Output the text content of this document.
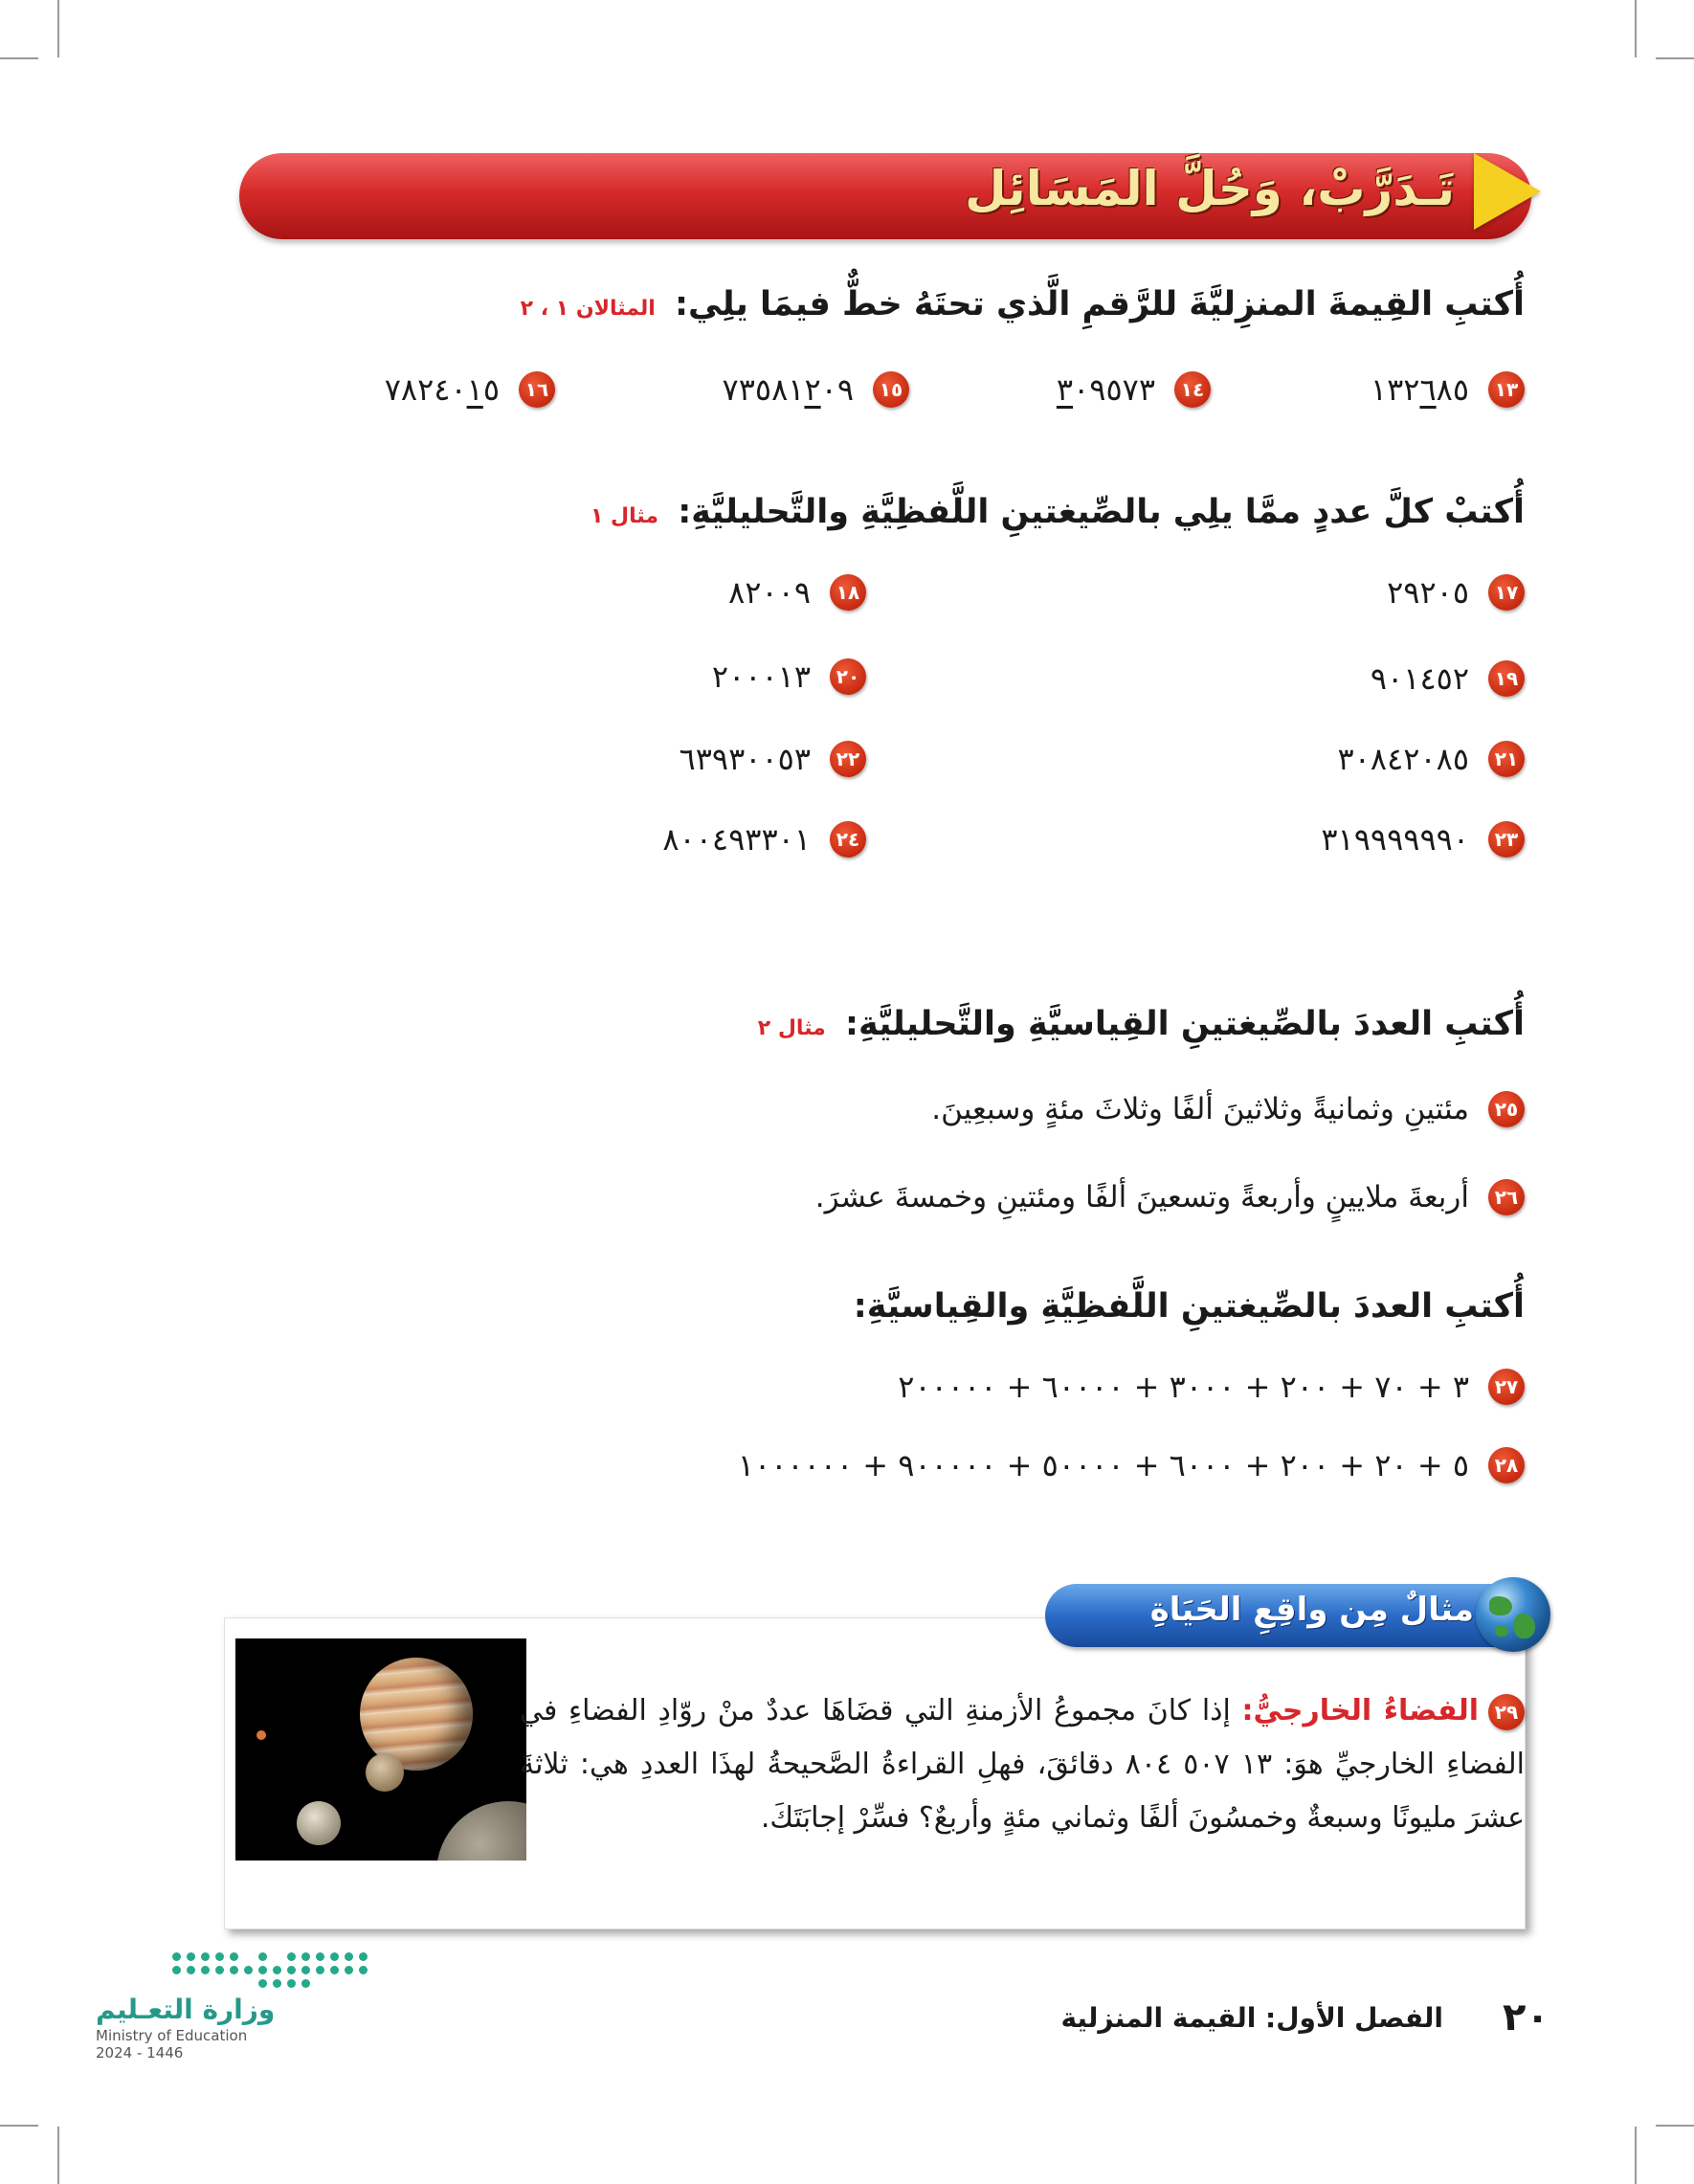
تَـدَرَّبْ، وَحُلَّ المَسَائِل
أُكتبِ القِيمةَ المنزِليَّةَ للرَّقمِ الَّذي تحتَهُ خطٌّ فيمَا يلِي: المثالان ١ ، ٢
١٣
١٣٢٦٨٥
١٤
٣٠٩٥٧٣
١٥
٧٣٥٨١٢٠٩
١٦
٧٨٢٤٠١٥
أُكتبْ كلَّ عددٍ ممَّا يلِي بالصِّيغتينِ اللَّفظِيَّةِ والتَّحليليَّةِ: مثال ١
١٧
٢٩٢٠٥
١٨
٨٢٠٠٩
١٩
٩٠١٤٥٢
٢٠
٢٠٠٠١٣
٢١
٣٠٨٤٢٠٨٥
٢٢
٦٣٩٣٠٠٥٣
٢٣
٣١٩٩٩٩٩٩٠
٢٤
٨٠٠٤٩٣٣٠١
أُكتبِ العددَ بالصِّيغتينِ القِياسيَّةِ والتَّحليليَّةِ: مثال ٢
٢٥
مئتينِ وثمانيةً وثلاثينَ ألفًا وثلاثَ مئةٍ وسبعِينَ.
٢٦
أربعةَ ملايينٍ وأربعةً وتسعينَ ألفًا ومئتينِ وخمسةَ عشرَ.
أُكتبِ العددَ بالصِّيغتينِ اللَّفظِيَّةِ والقِياسيَّةِ:
٢٧
٣ + ٧٠ + ٢٠٠ + ٣٠٠٠ + ٦٠٠٠٠ + ٢٠٠٠٠٠
٢٨
٥ + ٢٠ + ٢٠٠ + ٦٠٠٠ + ٥٠٠٠٠ + ٩٠٠٠٠٠ + ١٠٠٠٠٠٠
مثالٌ مِن واقِعِ الحَيَاةِ
٢٩الفضاءُ الخارجيُّ: إذا كانَ مجموعُ الأزمنةِ التي قضَاهَا عددٌ منْ روّادِ الفضاءِ في الفضاءِ الخارجيِّ هوَ: ١٣ ٥٠٧ ٨٠٤ دقائقَ، فهلِ القراءةُ الصَّحيحةُ لهذَا العددِ هي: ثلاثةَ عشرَ مليونًا وسبعةٌ وخمسُونَ ألفًا وثماني مئةٍ وأربعٌ؟ فسِّرْ إجابَتَكَ.
٢٠
الفصل الأول: القيمة المنزلية
وزارة التعـليم
Ministry of Education
2024 - 1446
